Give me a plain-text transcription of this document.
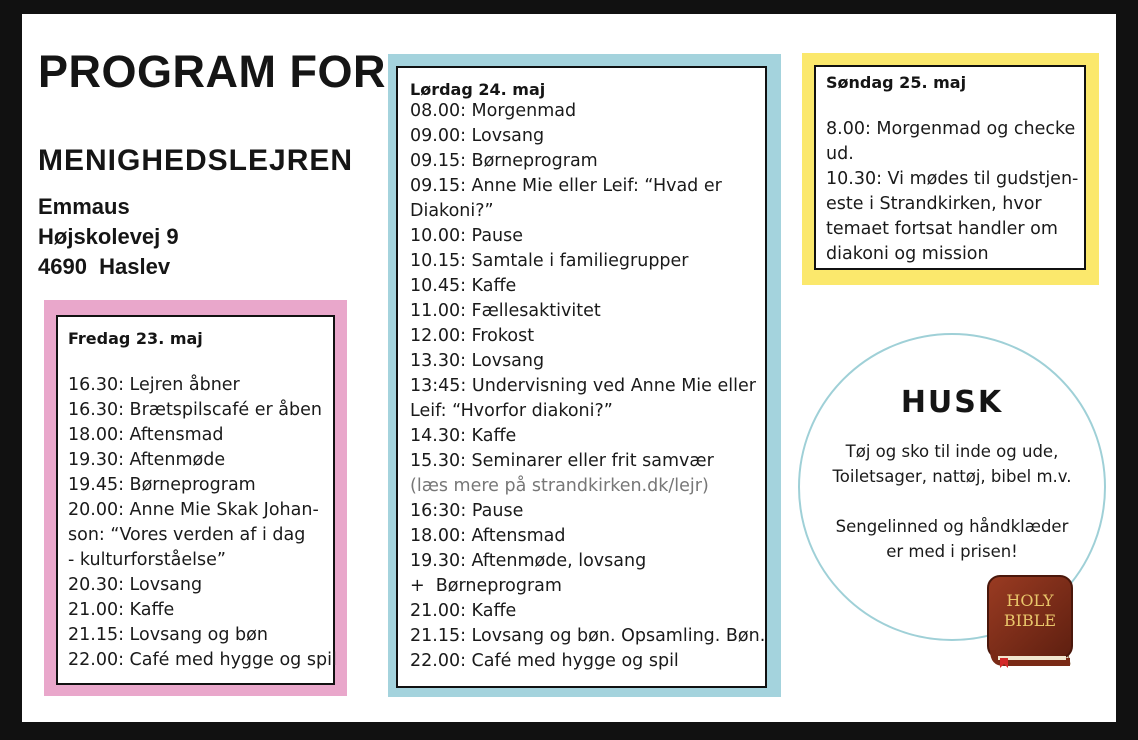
PROGRAM FOR
MENIGHEDSLEJREN
Emmaus
Højskolevej 9
4690  Haslev

Fredag 23. maj

16.30: Lejren åbner
16.30: Brætspilscafé er åben
18.00: Aftensmad
19.30: Aftenmøde
19.45: Børneprogram
20.00: Anne Mie Skak Johan-
son: “Vores verden af i dag
- kulturforståelse”
20.30: Lovsang
21.00: Kaffe
21.15: Lovsang og bøn
22.00: Café med hygge og spil

Lørdag 24. maj

08.00: Morgenmad
09.00: Lovsang
09.15: Børneprogram
09.15: Anne Mie eller Leif: “Hvad er
Diakoni?”
10.00: Pause
10.15: Samtale i familiegrupper
10.45: Kaffe
11.00: Fællesaktivitet
12.00: Frokost
13.30: Lovsang
13:45: Undervisning ved Anne Mie eller
Leif: “Hvorfor diakoni?”
14.30: Kaffe
15.30: Seminarer eller frit samvær
(læs mere på strandkirken.dk/lejr)
16:30: Pause
18.00: Aftensmad
19.30: Aftenmøde, lovsang
+  Børneprogram
21.00: Kaffe
21.15: Lovsang og bøn. Opsamling. Bøn.
22.00: Café med hygge og spil

Søndag 25. maj

8.00: Morgenmad og checke
ud.
10.30: Vi mødes til gudstjen-
este i Strandkirken, hvor
temaet fortsat handler om
diakoni og mission

HUSK

Tøj og sko til inde og ude,
Toiletsager, nattøj, bibel m.v.

Sengelinned og håndklæder
er med i prisen!
HOLY
BIBLE
